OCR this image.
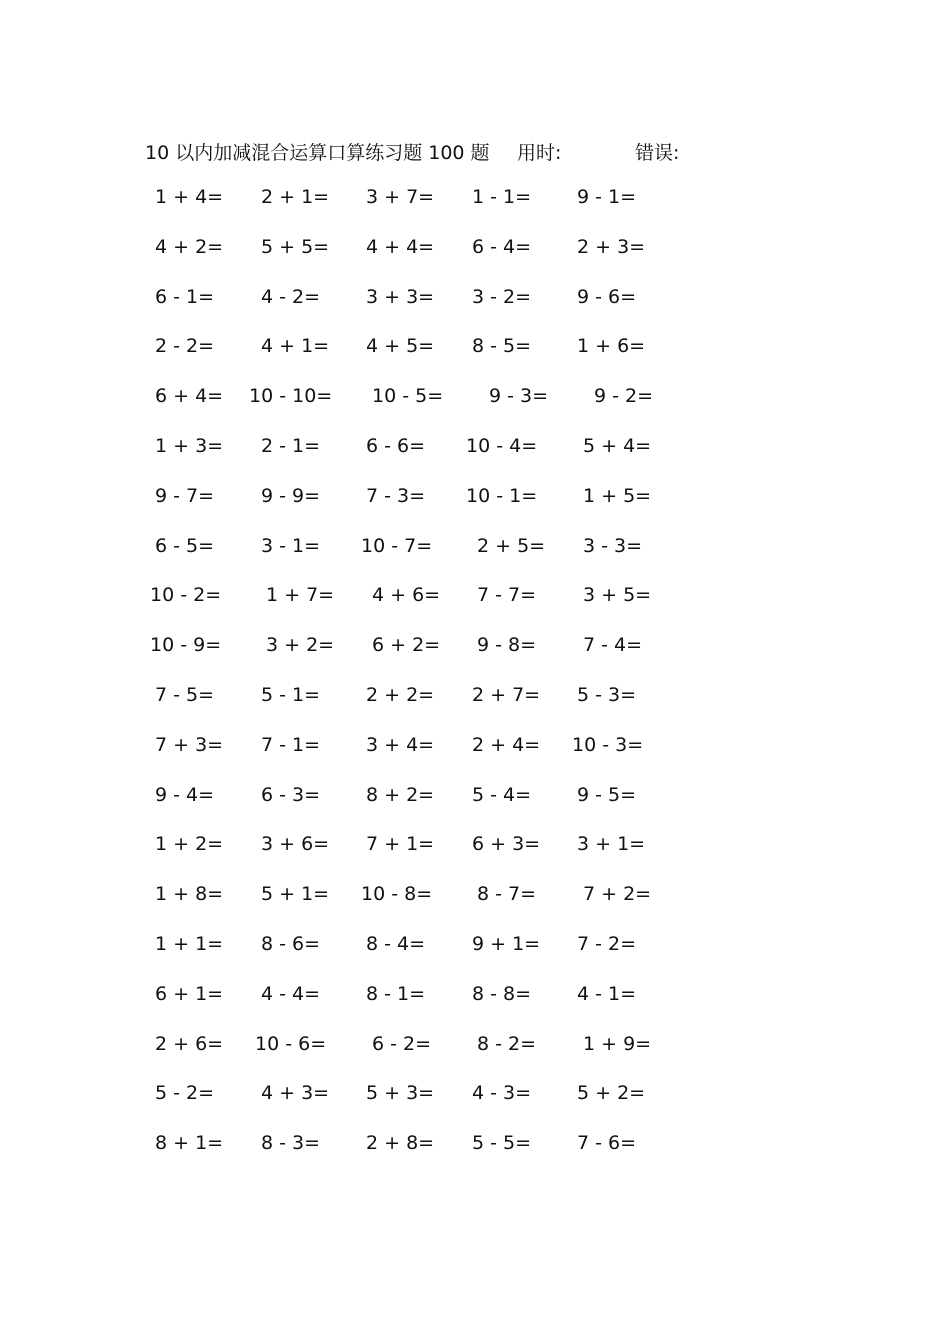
10 以内加减混合运算口算练习题 100 题 用时:	错误:
1 + 4= 2 + 1= 3 + 7= 1 - 1= 9 - 1=
4 + 2= 5 + 5= 4 + 4= 6 - 4= 2 + 3=
6 - 1= 4 - 2= 3 + 3= 3 - 2= 9 - 6=
2 - 2= 4 + 1= 4 + 5= 8 - 5= 1 + 6=
6 + 4= 10 - 10= 10 - 5= 9 - 3= 9 - 2=
1 + 3= 2 - 1= 6 - 6= 10 - 4= 5 + 4=
9 - 7= 9 - 9= 7 - 3= 10 - 1= 1 + 5=
6 - 5= 3 - 1= 10 - 7= 2 + 5= 3 - 3=
10 - 2= 1 + 7= 4 + 6= 7 - 7= 3 + 5=
10 - 9= 3 + 2= 6 + 2= 9 - 8= 7 - 4=
7 - 5= 5 - 1= 2 + 2= 2 + 7= 5 - 3=
7 + 3= 7 - 1= 3 + 4= 2 + 4= 10 - 3=
9 - 4= 6 - 3= 8 + 2= 5 - 4= 9 - 5=
1 + 2= 3 + 6= 7 + 1= 6 + 3= 3 + 1=
1 + 8= 5 + 1= 10 - 8= 8 - 7= 7 + 2=
1 + 1= 8 - 6= 8 - 4= 9 + 1= 7 - 2=
6 + 1= 4 - 4= 8 - 1= 8 - 8= 4 - 1=
2 + 6= 10 - 6= 6 - 2= 8 - 2= 1 + 9=
5 - 2= 4 + 3= 5 + 3= 4 - 3= 5 + 2=
8 + 1= 8 - 3= 2 + 8= 5 - 5= 7 - 6=
